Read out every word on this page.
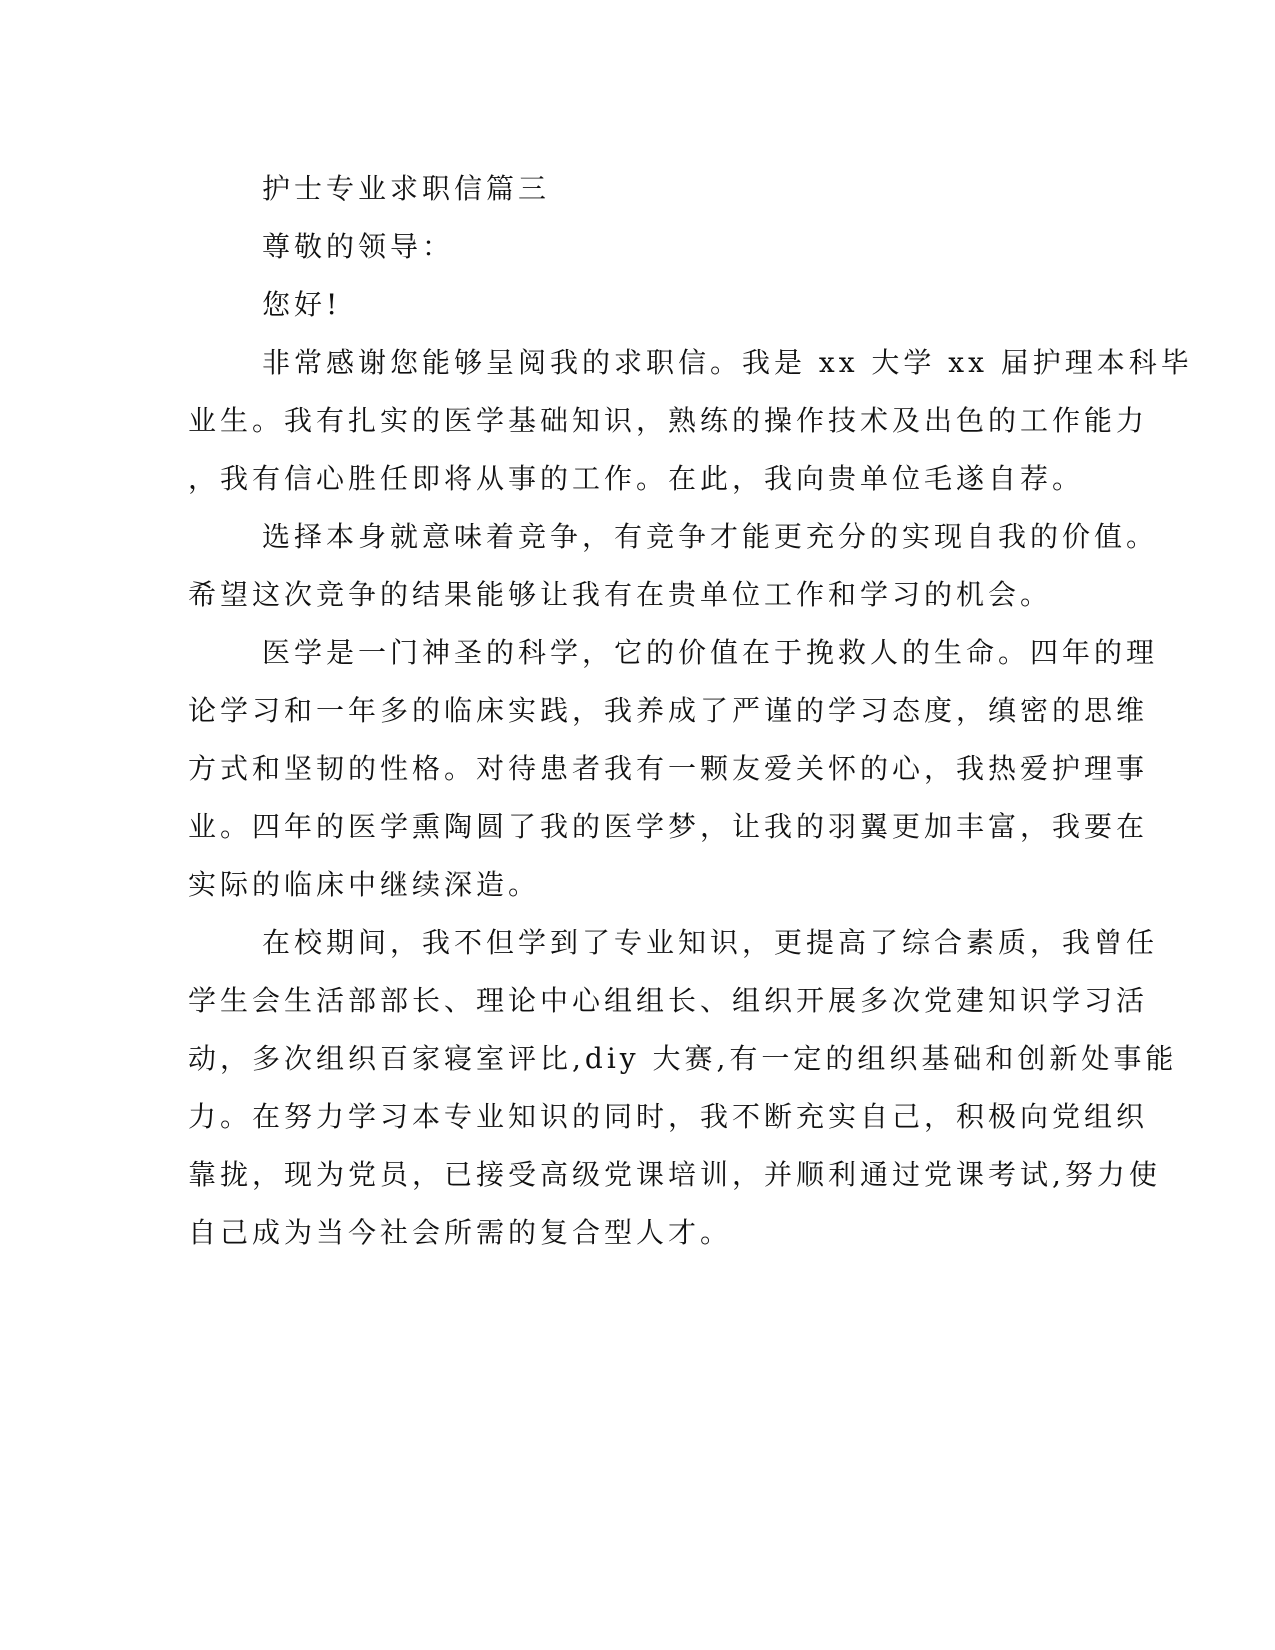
护士专业求职信篇三
尊敬的领导：
您好!
非常感谢您能够呈阅我的求职信。我是 xx 大学 xx 届护理本科毕
业生。我有扎实的医学基础知识，熟练的操作技术及出色的工作能力
，我有信心胜任即将从事的工作。在此，我向贵单位毛遂自荐。
选择本身就意味着竞争，有竞争才能更充分的实现自我的价值。
希望这次竞争的结果能够让我有在贵单位工作和学习的机会。
医学是一门神圣的科学，它的价值在于挽救人的生命。四年的理
论学习和一年多的临床实践，我养成了严谨的学习态度，缜密的思维
方式和坚韧的性格。对待患者我有一颗友爱关怀的心，我热爱护理事
业。四年的医学熏陶圆了我的医学梦，让我的羽翼更加丰富，我要在
实际的临床中继续深造。
在校期间，我不但学到了专业知识，更提高了综合素质，我曾任
学生会生活部部长、理论中心组组长、组织开展多次党建知识学习活
动，多次组织百家寝室评比,diy 大赛,有一定的组织基础和创新处事能
力。在努力学习本专业知识的同时，我不断充实自己，积极向党组织
靠拢，现为党员，已接受高级党课培训，并顺利通过党课考试,努力使
自己成为当今社会所需的复合型人才。
